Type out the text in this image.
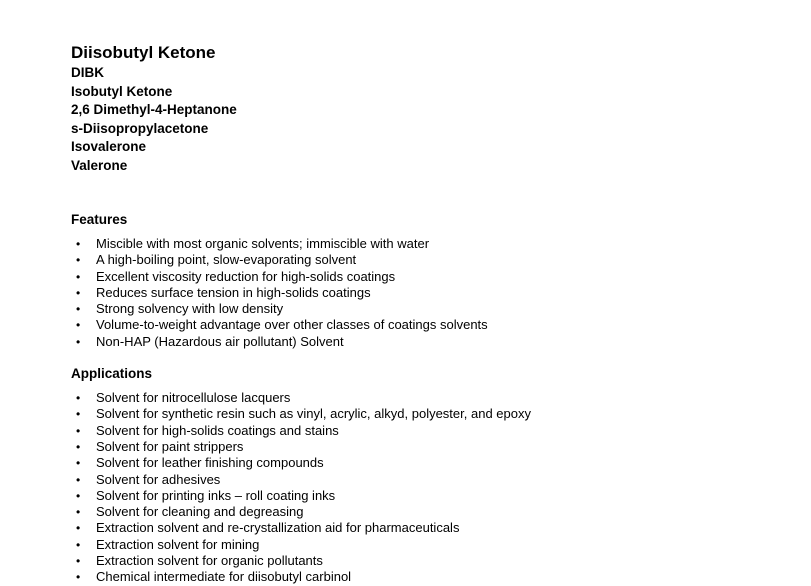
Diisobutyl Ketone
DIBK
Isobutyl Ketone
2,6 Dimethyl-4-Heptanone
s-Diisopropylacetone
Isovalerone
Valerone
Features
• Miscible with most organic solvents; immiscible with water
• A high-boiling point, slow-evaporating solvent
• Excellent viscosity reduction for high-solids coatings
• Reduces surface tension in high-solids coatings
• Strong solvency with low density
• Volume-to-weight advantage over other classes of coatings solvents
• Non-HAP (Hazardous air pollutant) Solvent
Applications
• Solvent for nitrocellulose lacquers
• Solvent for synthetic resin such as vinyl, acrylic, alkyd, polyester, and epoxy
• Solvent for high-solids coatings and stains
• Solvent for paint strippers
• Solvent for leather finishing compounds
• Solvent for adhesives
• Solvent for printing inks – roll coating inks
• Solvent for cleaning and degreasing
• Extraction solvent and re-crystallization aid for pharmaceuticals
• Extraction solvent for mining
• Extraction solvent for organic pollutants
• Chemical intermediate for diisobutyl carbinol
